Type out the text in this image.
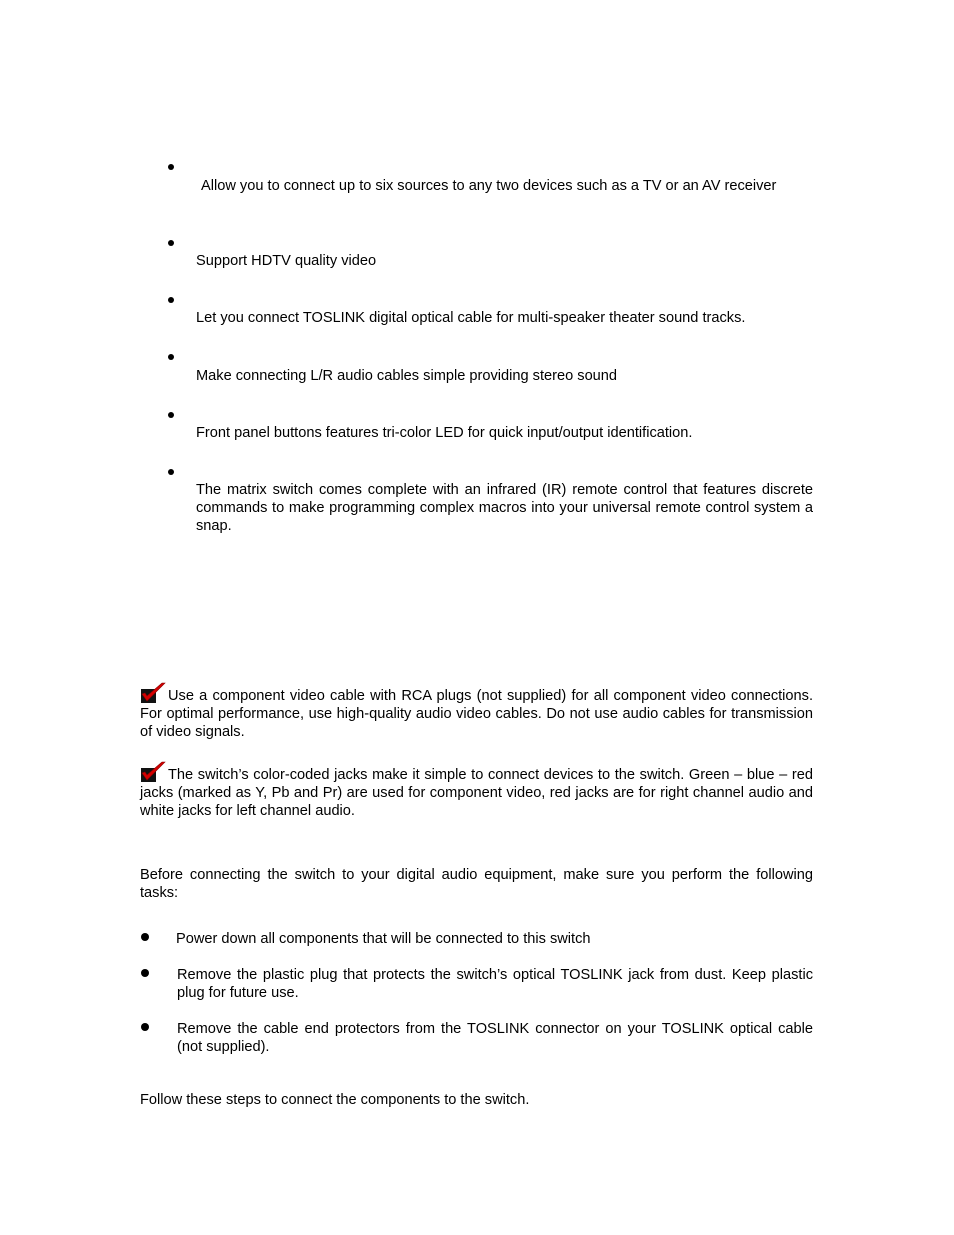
Allow you to connect up to six sources to any two devices such as a TV or an AV receiver
Support HDTV quality video
Let you connect TOSLINK digital optical cable for multi-speaker theater sound tracks.
Make connecting L/R audio cables simple providing stereo sound
Front panel buttons features tri-color LED for quick input/output identification.
The matrix switch comes complete with an infrared (IR) remote control that features discrete commands to make programming complex macros into your universal remote control system a snap.
Use a component video cable with RCA plugs (not supplied) for all component video connections. For optimal performance, use high-quality audio video cables. Do not use audio cables for transmission of video signals.
The switch’s color-coded jacks make it simple to connect devices to the switch. Green – blue – red jacks (marked as Y, Pb and Pr) are used for component video, red jacks are for right channel audio and white jacks for left channel audio.
Before connecting the switch to your digital audio equipment, make sure you perform the following tasks:
Power down all components that will be connected to this switch
Remove the plastic plug that protects the switch’s optical TOSLINK jack from dust. Keep plastic plug for future use.
Remove the cable end protectors from the TOSLINK connector on your TOSLINK optical cable (not supplied).
Follow these steps to connect the components to the switch.
